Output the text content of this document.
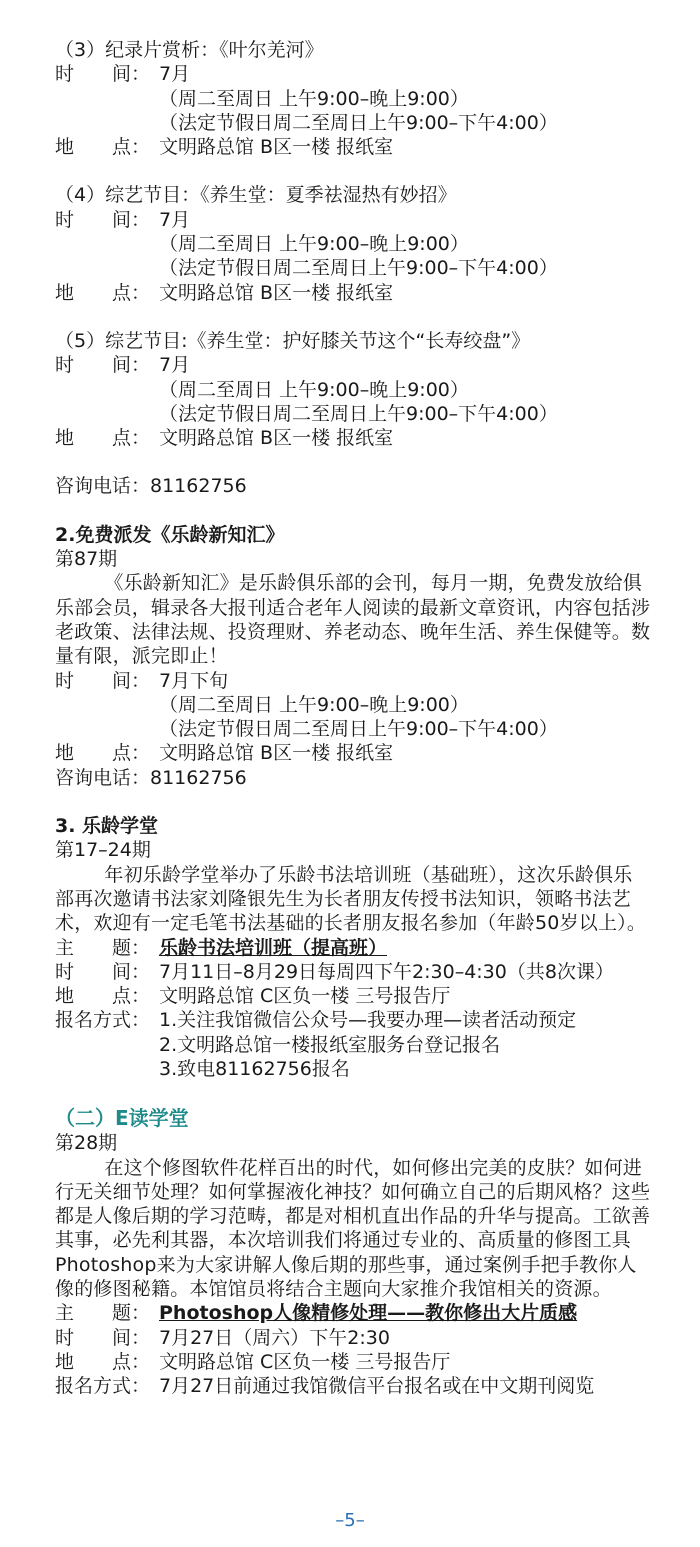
（3）纪录片赏析：《叶尔羌河》
时　　间： 7月
（周二至周日 上午9:00–晚上9:00）
（法定节假日周二至周日上午9:00–下午4:00）
地　　点： 文明路总馆 B区一楼 报纸室
（4）综艺节目：《养生堂：夏季祛湿热有妙招》
时　　间： 7月
（周二至周日 上午9:00–晚上9:00）
（法定节假日周二至周日上午9:00–下午4:00）
地　　点： 文明路总馆 B区一楼 报纸室
（5）综艺节目:《养生堂：护好膝关节这个“长寿绞盘”》
时　　间： 7月
（周二至周日 上午9:00–晚上9:00）
（法定节假日周二至周日上午9:00–下午4:00）
地　　点： 文明路总馆 B区一楼 报纸室
咨询电话：81162756
2.免费派发《乐龄新知汇》
第87期

《乐龄新知汇》是乐龄俱乐部的会刊，每月一期，免费发放给俱乐部会员，辑录各大报刊适合老年人阅读的最新文章资讯，内容包括涉老政策、法律法规、投资理财、养老动态、晚年生活、养生保健等。数量有限，派完即止！

时　　间： 7月下旬
（周二至周日 上午9:00–晚上9:00）
（法定节假日周二至周日上午9:00–下午4:00）
地　　点： 文明路总馆 B区一楼 报纸室
咨询电话：81162756
3. 乐龄学堂
第17–24期

年初乐龄学堂举办了乐龄书法培训班（基础班），这次乐龄俱乐部再次邀请书法家刘隆银先生为长者朋友传授书法知识，领略书法艺术，欢迎有一定毛笔书法基础的长者朋友报名参加（年龄50岁以上）。

主　　题： 乐龄书法培训班（提高班）
时　　间： 7月11日–8月29日每周四下午2:30–4:30（共8次课）
地　　点： 文明路总馆 C区负一楼 三号报告厅
报名方式： 1.关注我馆微信公众号—我要办理—读者活动预定
2.文明路总馆一楼报纸室服务台登记报名
3.致电81162756报名
（二）E读学堂
第28期

在这个修图软件花样百出的时代，如何修出完美的皮肤？如何进行无关细节处理？如何掌握液化神技？如何确立自己的后期风格？这些都是人像后期的学习范畴，都是对相机直出作品的升华与提高。工欲善其事，必先利其器，本次培训我们将通过专业的、高质量的修图工具Photoshop来为大家讲解人像后期的那些事，通过案例手把手教你人像的修图秘籍。本馆馆员将结合主题向大家推介我馆相关的资源。

主　　题： Photoshop人像精修处理——教你修出大片质感
时　　间： 7月27日（周六）下午2:30
地　　点： 文明路总馆 C区负一楼 三号报告厅
报名方式： 7月27日前通过我馆微信平台报名或在中文期刊阅览
–5–
